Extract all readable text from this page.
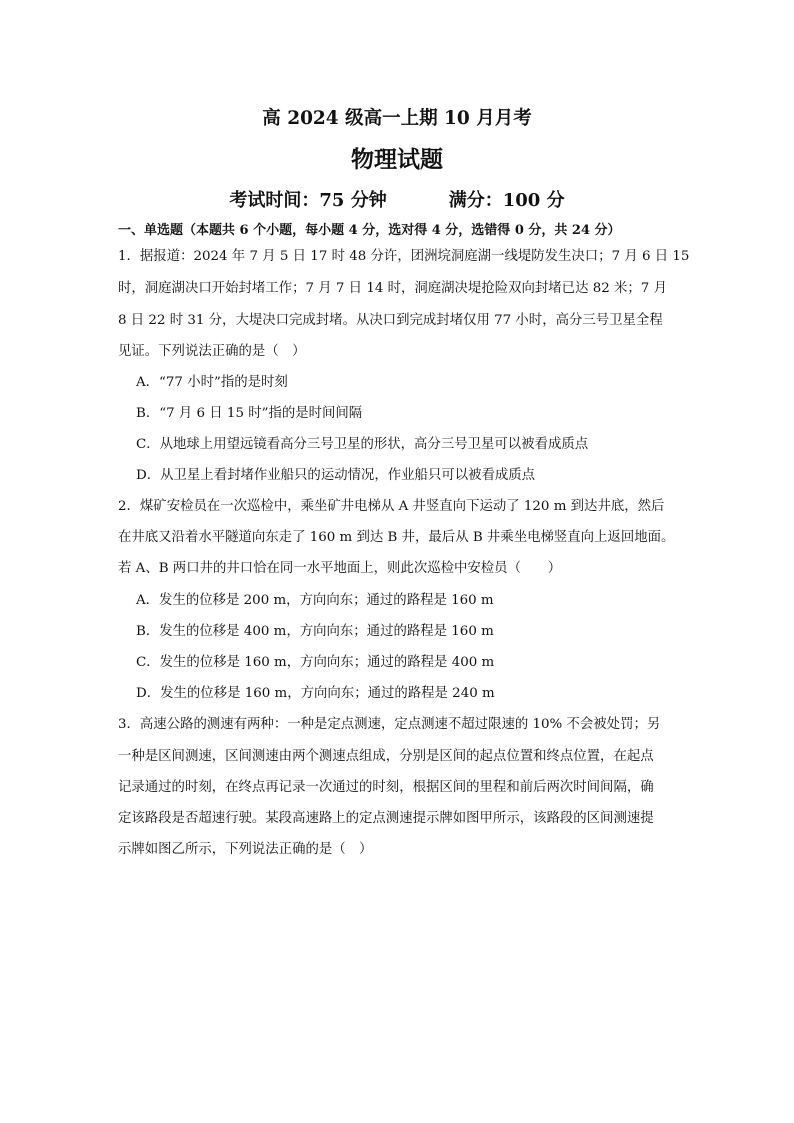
高 2024 级高一上期 10 月月考
物理试题
考试时间：75 分钟	满分：100 分
一、单选题（本题共 6 个小题，每小题 4 分，选对得 4 分，选错得 0 分，共 24 分）
1．据报道：2024 年 7 月 5 日 17 时 48 分许，团洲垸洞庭湖一线堤防发生决口；7 月 6 日 15
时，洞庭湖决口开始封堵工作；7 月 7 日 14 时，洞庭湖决堤抢险双向封堵已达 82 米；7 月
8 日 22 时 31 分，大堤决口完成封堵。从决口到完成封堵仅用 77 小时，高分三号卫星全程
见证。下列说法正确的是（　）
A．“77 小时”指的是时刻
B．“7 月 6 日 15 时”指的是时间间隔
C．从地球上用望远镜看高分三号卫星的形状，高分三号卫星可以被看成质点
D．从卫星上看封堵作业船只的运动情况，作业船只可以被看成质点
2．煤矿安检员在一次巡检中，乘坐矿井电梯从 A 井竖直向下运动了 120 m 到达井底，然后
在井底又沿着水平隧道向东走了 160 m 到达 B 井，最后从 B 井乘坐电梯竖直向上返回地面。
若 A、B 两口井的井口恰在同一水平地面上，则此次巡检中安检员（　　）
A．发生的位移是 200 m，方向向东；通过的路程是 160 m
B．发生的位移是 400 m，方向向东；通过的路程是 160 m
C．发生的位移是 160 m，方向向东；通过的路程是 400 m
D．发生的位移是 160 m，方向向东；通过的路程是 240 m
3．高速公路的测速有两种：一种是定点测速，定点测速不超过限速的 10% 不会被处罚；另
一种是区间测速，区间测速由两个测速点组成，分别是区间的起点位置和终点位置，在起点
记录通过的时刻，在终点再记录一次通过的时刻，根据区间的里程和前后两次时间间隔，确
定该路段是否超速行驶。某段高速路上的定点测速提示牌如图甲所示，该路段的区间测速提
示牌如图乙所示，下列说法正确的是（　）
